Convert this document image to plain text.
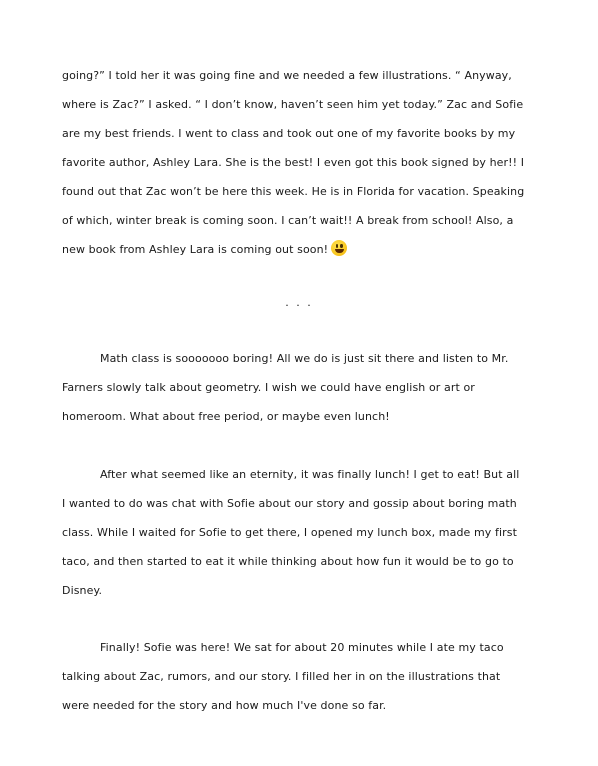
going?” I told her it was going fine and we needed a few illustrations. “ Anyway,
where is Zac?” I asked. “ I don’t know, haven’t seen him yet today.” Zac and Sofie
are my best friends. I went to class and took out one of my favorite books by my
favorite author, Ashley Lara. She is the best! I even got this book signed by her!! I
found out that Zac won’t be here this week. He is in Florida for vacation. Speaking
of which, winter break is coming soon. I can’t wait!! A break from school! Also, a
new book from Ashley Lara is coming out soon!
. . .
Math class is sooooooo boring! All we do is just sit there and listen to Mr.
Farners slowly talk about geometry. I wish we could have english or art or
homeroom. What about free period, or maybe even lunch!
After what seemed like an eternity, it was finally lunch! I get to eat! But all
I wanted to do was chat with Sofie about our story and gossip about boring math
class. While I waited for Sofie to get there, I opened my lunch box, made my first
taco, and then started to eat it while thinking about how fun it would be to go to
Disney.
Finally! Sofie was here! We sat for about 20 minutes while I ate my taco
talking about Zac, rumors, and our story. I filled her in on the illustrations that
were needed for the story and how much I've done so far.
